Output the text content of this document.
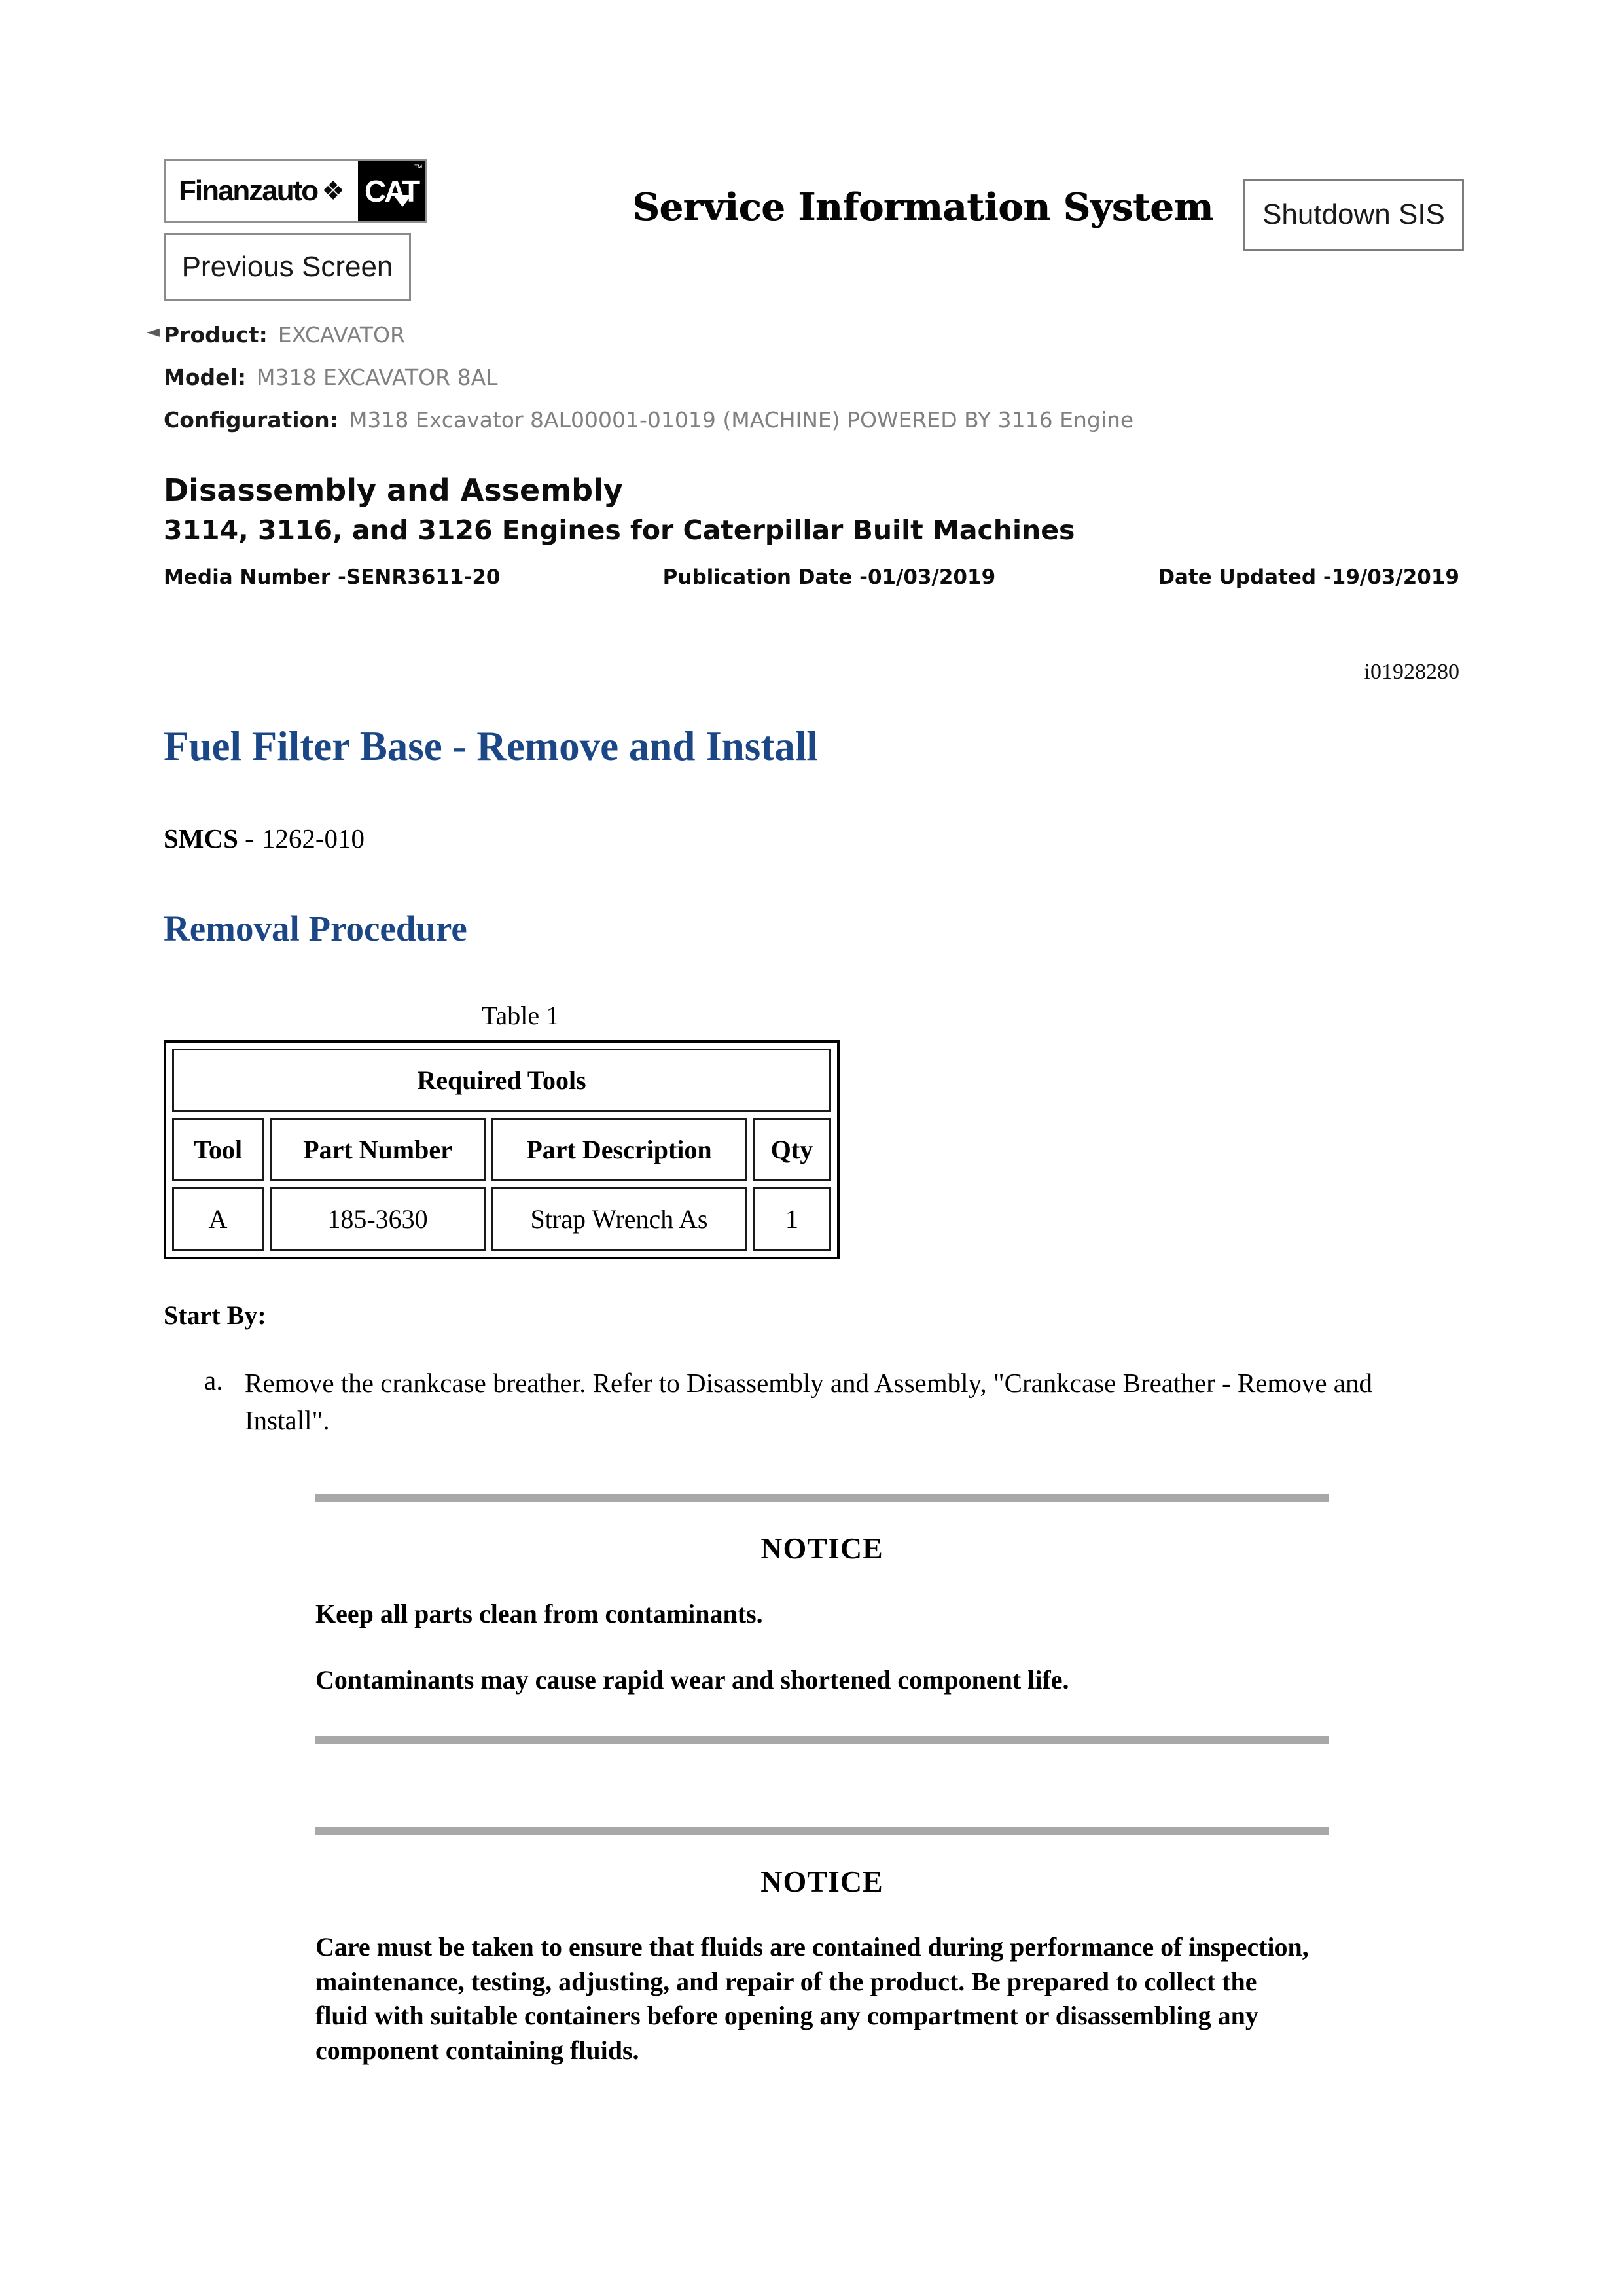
Finanzauto ❖ CAT
™
Previous Screen
Service Information System Shutdown SIS
◄ Product: EXCAVATOR
Model: M318 EXCAVATOR 8AL
Configuration: M318 Excavator 8AL00001-01019 (MACHINE) POWERED BY 3116 Engine
Disassembly and Assembly
3114, 3116, and 3126 Engines for Caterpillar Built Machines
Media Number -SENR3611-20	Publication Date -01/03/2019	Date Updated -19/03/2019
i01928280
Fuel Filter Base - Remove and Install
SMCS - 1262-010
Removal Procedure
Table 1
Required Tools			
Tool	Part Number	Part Description	Qty
A	185-3630	Strap Wrench As	1
Start By:
a. Remove the crankcase breather. Refer to Disassembly and Assembly, "Crankcase Breather - Remove and Install".
NOTICE

Keep all parts clean from contaminants.

Contaminants may cause rapid wear and shortened component life.

NOTICE

Care must be taken to ensure that fluids are contained during performance of inspection, maintenance, testing, adjusting, and repair of the product. Be prepared to collect the fluid with suitable containers before opening any compartment or disassembling any component containing fluids.
